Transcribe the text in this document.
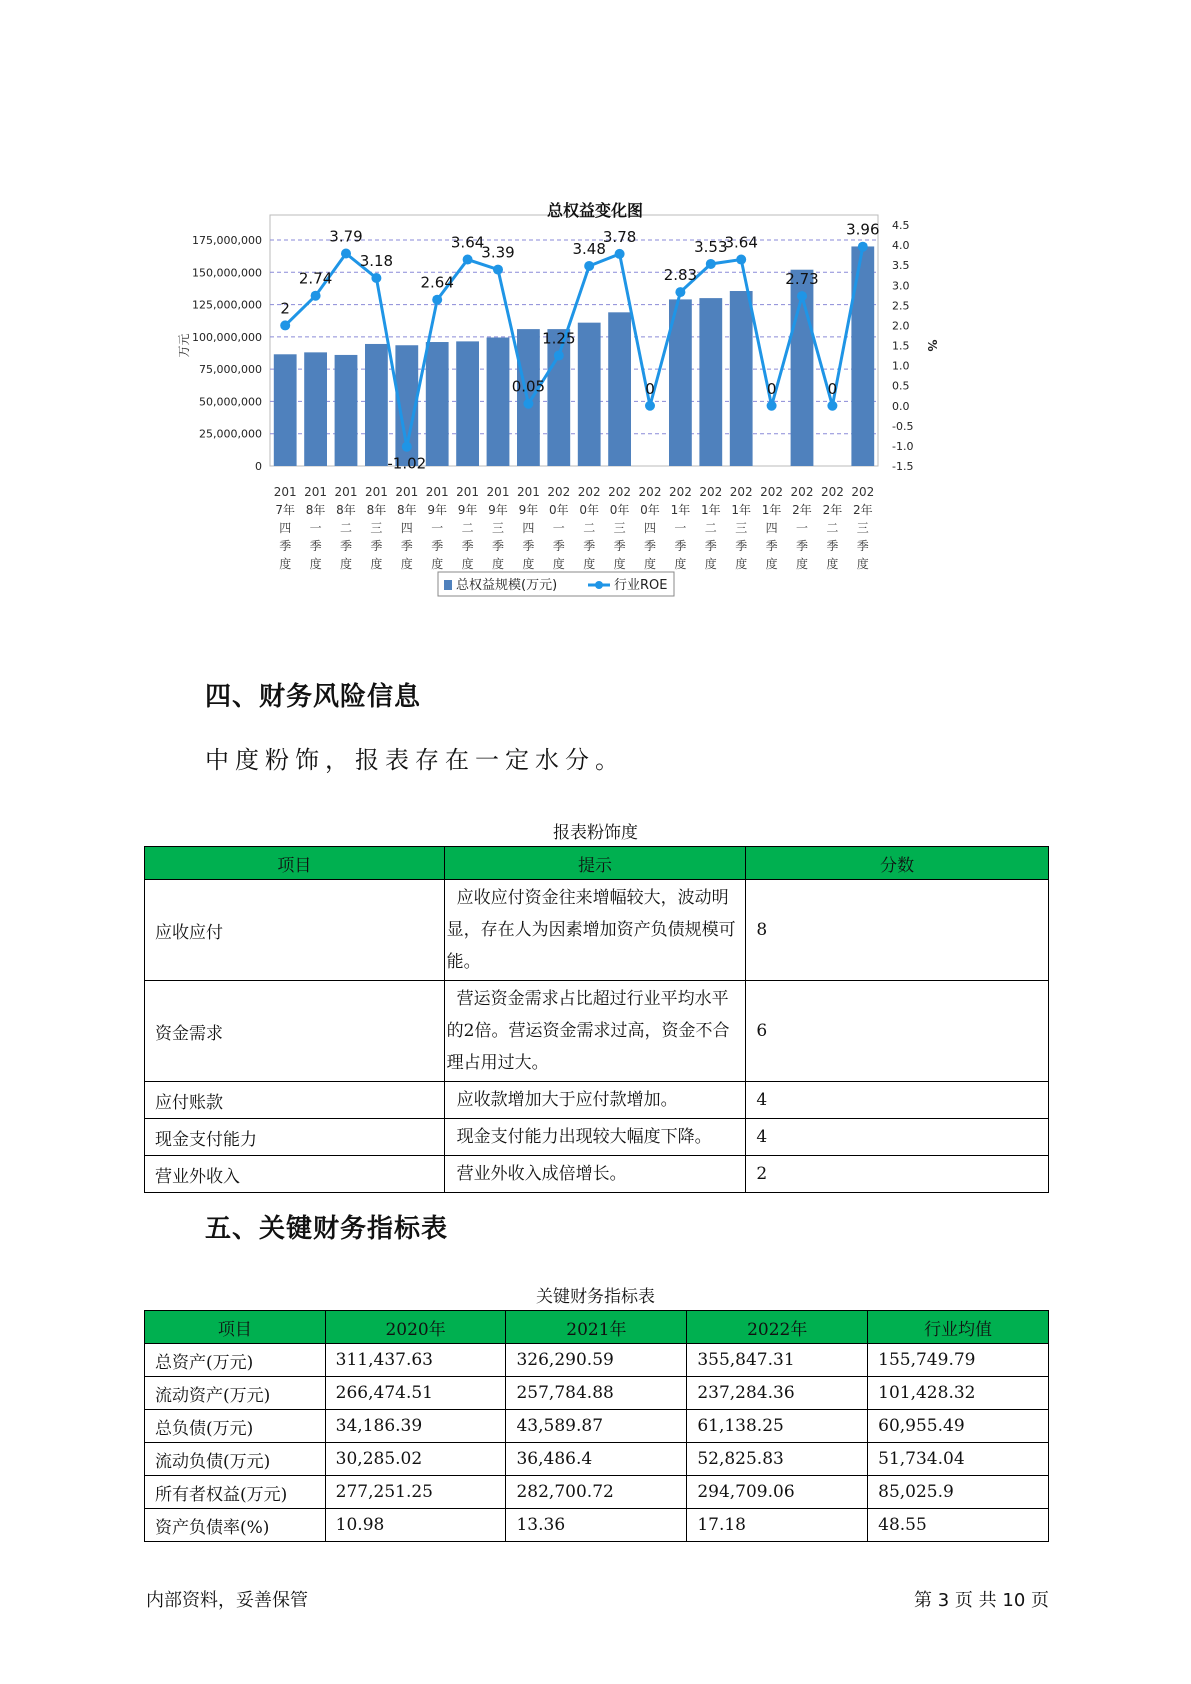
总权益变化图
0
25,000,000
50,000,000
75,000,000
100,000,000
125,000,000
150,000,000
175,000,000
-1.5
-1.0
-0.5
0.0
0.5
1.0
1.5
2.0
2.5
3.0
3.5
4.0
4.5
万元	%
2
2.74
3.79
3.18
-1.02
2.64
3.64
3.39
0.05
1.25
3.48
3.78
0
2.83
3.53
3.64
0
2.73
0
3.96
201 7年四季度
201 8年一季度
201 8年二季度
201 8年三季度
201 8年四季度
201 9年一季度
201 9年二季度
201 9年三季度
201 9年四季度
202 0年一季度
202 0年二季度
202 0年三季度
202 0年四季度
202 1年一季度
202 1年二季度
202 1年三季度
202 1年四季度
202 2年一季度
202 2年二季度
202 2年三季度
总权益规模(万元)	行业ROE
四、财务风险信息
中度粉饰，报表存在一定水分。
报表粉饰度
项目	提示	分数
应收应付	应收应付资金往来增幅较大，波动明显，存在人为因素增加资产负债规模可能。	8
资金需求	营运资金需求占比超过行业平均水平的2倍。营运资金需求过高，资金不合理占用过大。	6
应付账款	应收款增加大于应付款增加。	4
现金支付能力	现金支付能力出现较大幅度下降。	4
营业外收入	营业外收入成倍增长。	2
五、关键财务指标表
关键财务指标表
项目	2020年	2021年	2022年	行业均值
总资产(万元)	311,437.63	326,290.59	355,847.31	155,749.79
流动资产(万元)	266,474.51	257,784.88	237,284.36	101,428.32
总负债(万元)	34,186.39	43,589.87	61,138.25	60,955.49
流动负债(万元)	30,285.02	36,486.4	52,825.83	51,734.04
所有者权益(万元)	277,251.25	282,700.72	294,709.06	85,025.9
资产负债率(%)	10.98	13.36	17.18	48.55
内部资料，妥善保管	第 3 页 共 10 页
